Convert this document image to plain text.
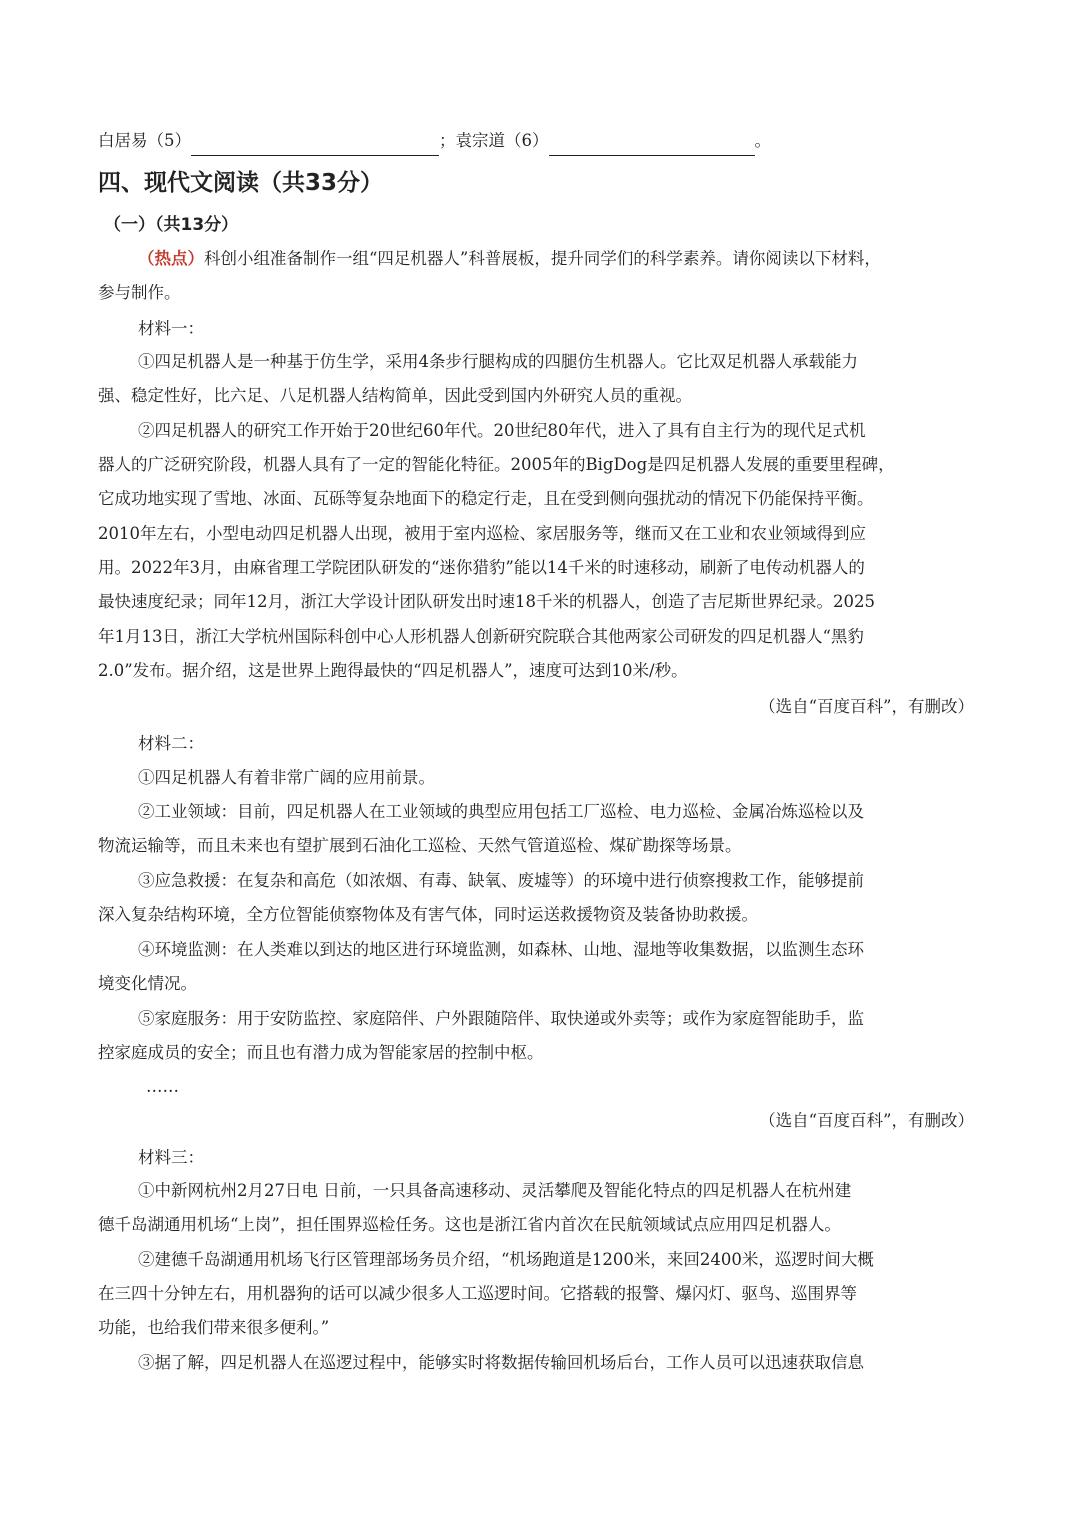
白居易（5）	；袁宗道（6）	。
四、现代文阅读（共33分）
（一）（共13分）
（热点）科创小组准备制作一组“四足机器人”科普展板，提升同学们的科学素养。请你阅读以下材料，
参与制作。
材料一：
①四足机器人是一种基于仿生学，采用4条步行腿构成的四腿仿生机器人。它比双足机器人承载能力
强、稳定性好，比六足、八足机器人结构简单，因此受到国内外研究人员的重视。
②四足机器人的研究工作开始于20世纪60年代。20世纪80年代，进入了具有自主行为的现代足式机
器人的广泛研究阶段，机器人具有了一定的智能化特征。2005年的BigDog是四足机器人发展的重要里程碑，
它成功地实现了雪地、冰面、瓦砾等复杂地面下的稳定行走，且在受到侧向强扰动的情况下仍能保持平衡。
2010年左右，小型电动四足机器人出现，被用于室内巡检、家居服务等，继而又在工业和农业领域得到应
用。2022年3月，由麻省理工学院团队研发的“迷你猎豹”能以14千米的时速移动，刷新了电传动机器人的
最快速度纪录；同年12月，浙江大学设计团队研发出时速18千米的机器人，创造了吉尼斯世界纪录。2025
年1月13日，浙江大学杭州国际科创中心人形机器人创新研究院联合其他两家公司研发的四足机器人“黑豹
2.0”发布。据介绍，这是世界上跑得最快的“四足机器人”，速度可达到10米/秒。
（选自“百度百科”，有删改）
材料二：
①四足机器人有着非常广阔的应用前景。
②工业领域：目前，四足机器人在工业领域的典型应用包括工厂巡检、电力巡检、金属冶炼巡检以及
物流运输等，而且未来也有望扩展到石油化工巡检、天然气管道巡检、煤矿勘探等场景。
③应急救援：在复杂和高危（如浓烟、有毒、缺氧、废墟等）的环境中进行侦察搜救工作，能够提前
深入复杂结构环境，全方位智能侦察物体及有害气体，同时运送救援物资及装备协助救援。
④环境监测：在人类难以到达的地区进行环境监测，如森林、山地、湿地等收集数据，以监测生态环
境变化情况。
⑤家庭服务：用于安防监控、家庭陪伴、户外跟随陪伴、取快递或外卖等；或作为家庭智能助手，监
控家庭成员的安全；而且也有潜力成为智能家居的控制中枢。
……
（选自“百度百科”，有删改）
材料三：
①中新网杭州2月27日电 日前，一只具备高速移动、灵活攀爬及智能化特点的四足机器人在杭州建
德千岛湖通用机场“上岗”，担任围界巡检任务。这也是浙江省内首次在民航领域试点应用四足机器人。
②建德千岛湖通用机场飞行区管理部场务员介绍，“机场跑道是1200米，来回2400米，巡逻时间大概
在三四十分钟左右，用机器狗的话可以减少很多人工巡逻时间。它搭载的报警、爆闪灯、驱鸟、巡围界等
功能，也给我们带来很多便利。”
③据了解，四足机器人在巡逻过程中，能够实时将数据传输回机场后台，工作人员可以迅速获取信息
